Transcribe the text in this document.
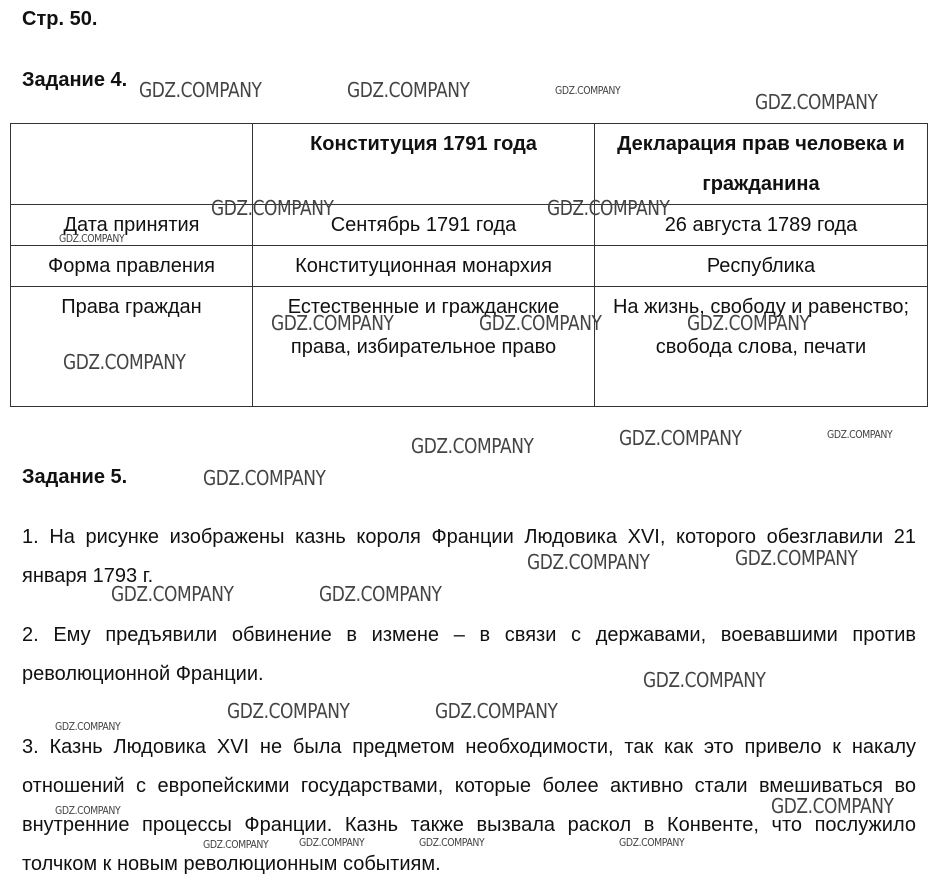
Стр. 50.
Задание 4.
	Конституция 1791 года	Декларация прав человека и гражданина
Дата принятия	Сентябрь 1791 года	26 августа 1789 года
Форма правления	Конституционная монархия	Республика
Права граждан	Естественные и гражданские права, избирательное право	На жизнь, свободу и равенство; свобода слова, печати
Задание 5.
1. На рисунке изображены казнь короля Франции Людовика XVI, которого обезглавили 21 января 1793 г.
2. Ему предъявили обвинение в измене – в связи с державами, воевавшими против революционной Франции.
3. Казнь Людовика XVI не была предметом необходимости, так как это привело к накалу отношений с европейскими государствами, которые более активно стали вмешиваться во внутренние процессы Франции. Казнь также вызвала раскол в Конвенте, что послужило толчком к новым революционным событиям.
GDZ.COMPANY	GDZ.COMPANY	GDZ.COMPANY	GDZ.COMPANY
GDZ.COMPANY
GDZ.COMPANY
GDZ.COMPANY
GDZ.COMPANY	GDZ.COMPANY	GDZ.COMPANY
GDZ.COMPANY
GDZ.COMPANY	GDZ.COMPANY	GDZ.COMPANY
GDZ.COMPANY
GDZ.COMPANY	GDZ.COMPANY
GDZ.COMPANY	GDZ.COMPANY
GDZ.COMPANY
GDZ.COMPANY	GDZ.COMPANY
GDZ.COMPANY
GDZ.COMPANY
GDZ.COMPANY
GDZ.COMPANY	GDZ.COMPANY	GDZ.COMPANY	GDZ.COMPANY
